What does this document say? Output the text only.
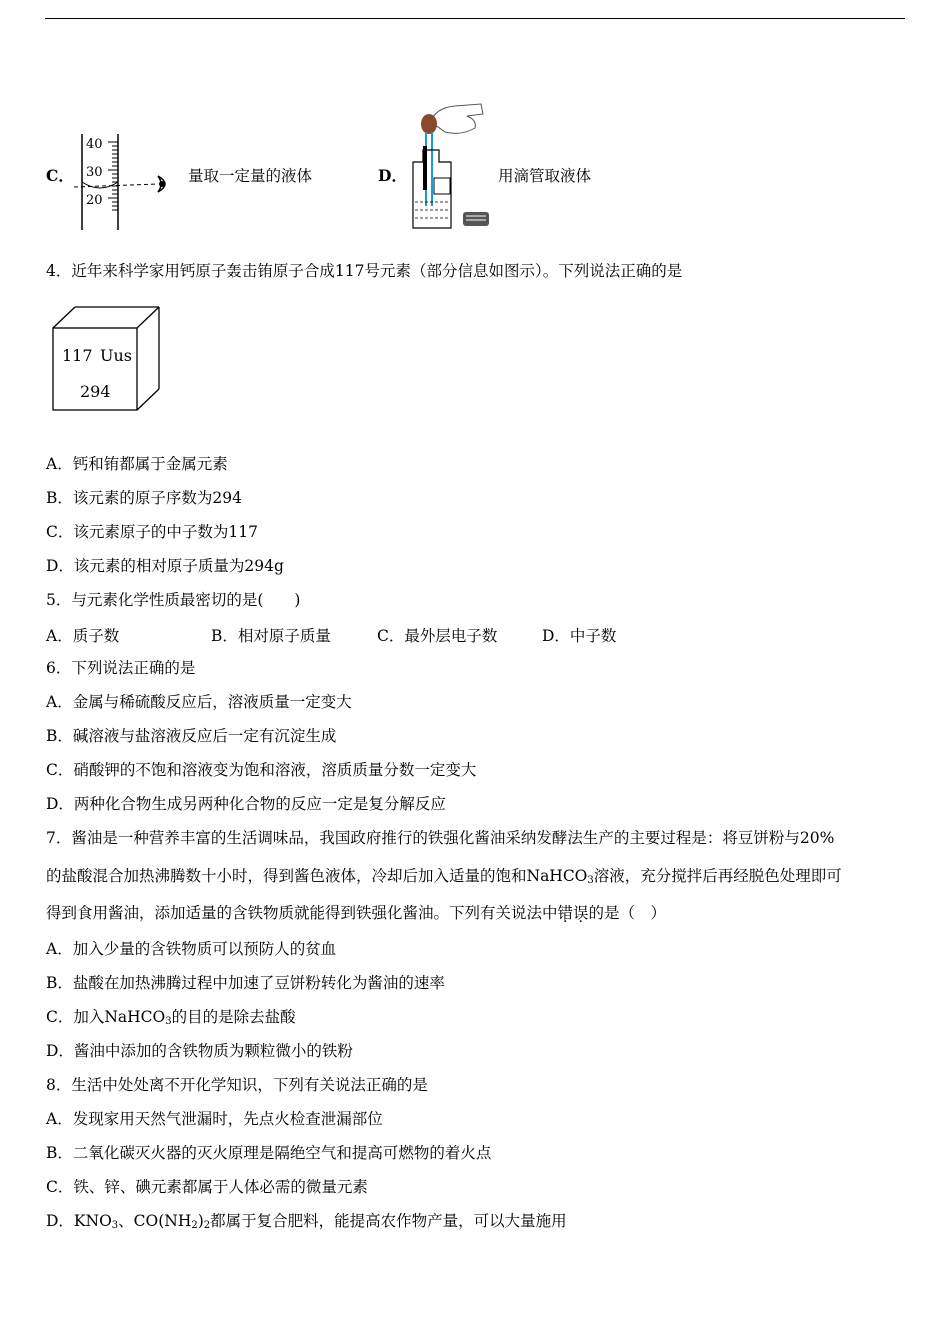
C．
40
30
20
量取一定量的液体	D．	用滴管取液体
4．近年来科学家用钙原子轰击铕原子合成117号元素（部分信息如图示）。下列说法正确的是
117 Uus
294
A．钙和铕都属于金属元素
B．该元素的原子序数为294
C．该元素原子的中子数为117
D．该元素的相对原子质量为294g
5．与元素化学性质最密切的是(　　)
A．质子数	B．相对原子质量	C．最外层电子数	D．中子数
6．下列说法正确的是
A．金属与稀硫酸反应后，溶液质量一定变大
B．碱溶液与盐溶液反应后一定有沉淀生成
C．硝酸钾的不饱和溶液变为饱和溶液，溶质质量分数一定变大
D．两种化合物生成另两种化合物的反应一定是复分解反应
7．酱油是一种营养丰富的生活调味品，我国政府推行的铁强化酱油采纳发酵法生产的主要过程是：将豆饼粉与20%
的盐酸混合加热沸腾数十小时，得到酱色液体，冷却后加入适量的饱和NaHCO$_3$溶液，充分搅拌后再经脱色处理即可
得到食用酱油，添加适量的含铁物质就能得到铁强化酱油。下列有关说法中错误的是（　）
A．加入少量的含铁物质可以预防人的贫血
B．盐酸在加热沸腾过程中加速了豆饼粉转化为酱油的速率
C．加入NaHCO$_3$的目的是除去盐酸
D．酱油中添加的含铁物质为颗粒微小的铁粉
8．生活中处处离不开化学知识，下列有关说法正确的是
A．发现家用天然气泄漏时，先点火检查泄漏部位
B．二氧化碳灭火器的灭火原理是隔绝空气和提高可燃物的着火点
C．铁、锌、碘元素都属于人体必需的微量元素
D．$KNO_3$、$CO(NH_2)_2$都属于复合肥料，能提高农作物产量，可以大量施用
